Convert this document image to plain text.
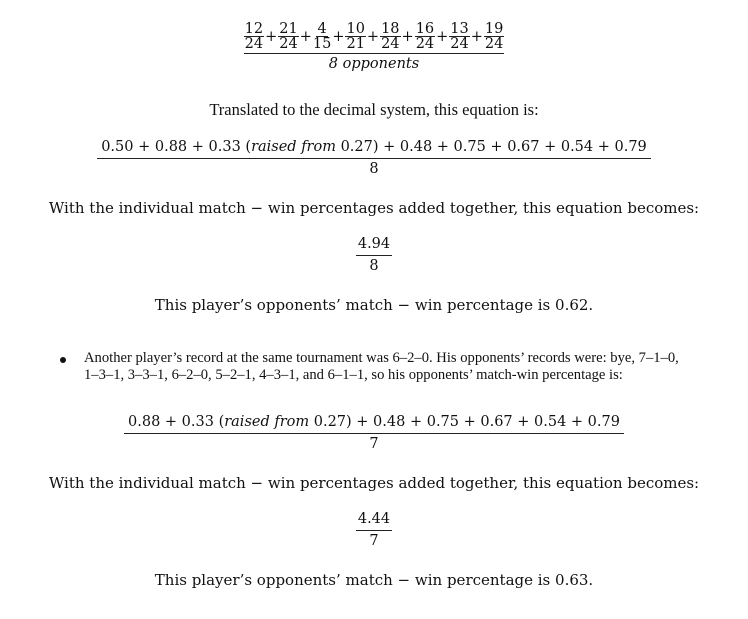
$\frac{\frac{12}{24} + \frac{21}{24} + \frac{4}{15} + \frac{10}{21} + \frac{18}{24} + \frac{16}{24} + \frac{13}{24} + \frac{19}{24}}{\text{8 opponents}}$
Translated to the decimal system, this equation is:
0.50 + 0.88 + 0.33 (raised from 0.27) + 0.48 + 0.75 + 0.67 + 0.54 + 0.79
8
With the individual match − win percentages added together, this equation becomes:
$\frac{4.94}{8}$
This player’s opponents’ match − win percentage is 0.62.
Another player’s record at the same tournament was 6–2–0. His opponents’ records were: bye, 7–1–0,
1–3–1, 3–3–1, 6–2–0, 5–2–1, 4–3–1, and 6–1–1, so his opponents’ match-win percentage is:
0.88 + 0.33 (raised from 0.27) + 0.48 + 0.75 + 0.67 + 0.54 + 0.79
7
With the individual match − win percentages added together, this equation becomes:
$\frac{4.44}{7}$
This player’s opponents’ match − win percentage is 0.63.
